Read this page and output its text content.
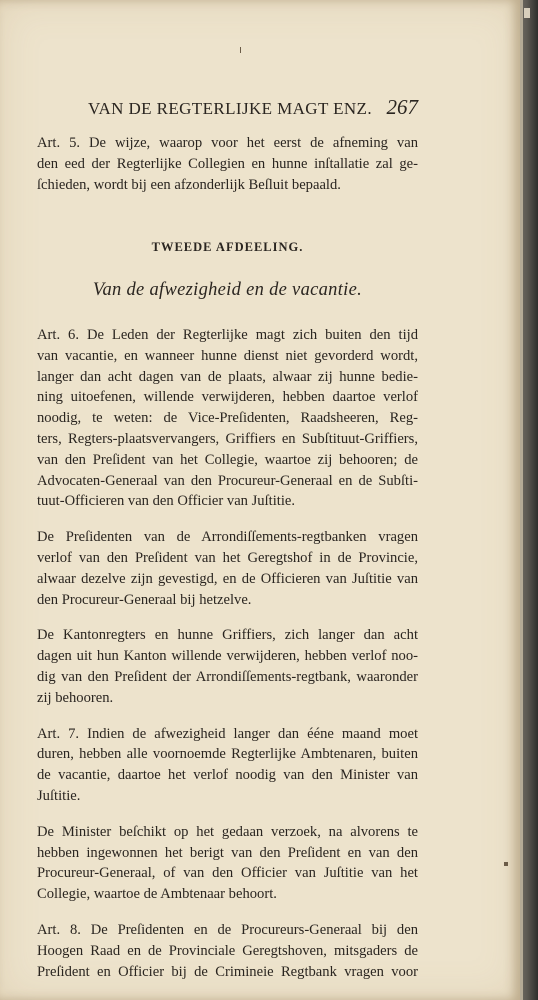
VAN DE REGTERLIJKE MAGT ENZ. 267

Art. 5. De wijze, waarop voor het eerst de afneming van
den eed der Regterlijke Collegien en hunne inſtallatie zal ge-
ſchieden, wordt bij een afzonderlijk Beſluit bepaald.

TWEEDE AFDEELING.
Van de afwezigheid en de vacantie.

Art. 6. De Leden der Regterlijke magt zich buiten den tijd
van vacantie, en wanneer hunne dienst niet gevorderd wordt,
langer dan acht dagen van de plaats, alwaar zij hunne bedie-
ning uitoefenen, willende verwijderen, hebben daartoe verlof
noodig, te weten: de Vice-Preſidenten, Raadsheeren, Reg-
ters, Regters-plaatsvervangers, Griffiers en Subſtituut-Griffiers,
van den Preſident van het Collegie, waartoe zij behooren; de
Advocaten-Generaal van den Procureur-Generaal en de Subſti-
tuut-Officieren van den Officier van Juſtitie.

De Preſidenten van de Arrondiſſements-regtbanken vragen
verlof van den Preſident van het Geregtshof in de Provincie,
alwaar dezelve zijn gevestigd, en de Officieren van Juſtitie van
den Procureur-Generaal bij hetzelve.

De Kantonregters en hunne Griffiers, zich langer dan acht
dagen uit hun Kanton willende verwijderen, hebben verlof noo-
dig van den Preſident der Arrondiſſements-regtbank, waaronder
zij behooren.

Art. 7. Indien de afwezigheid langer dan ééne maand moet
duren, hebben alle voornoemde Regterlijke Ambtenaren, buiten
de vacantie, daartoe het verlof noodig van den Minister van
Juſtitie.

De Minister beſchikt op het gedaan verzoek, na alvorens te
hebben ingewonnen het berigt van den Preſident en van den
Procureur-Generaal, of van den Officier van Juſtitie van het
Collegie, waartoe de Ambtenaar behoort.

Art. 8. De Preſidenten en de Procureurs-Generaal bij den
Hoogen Raad en de Provinciale Geregtshoven, mitsgaders de
Preſident en Officier bij de Crimineie Regtbank vragen voor
